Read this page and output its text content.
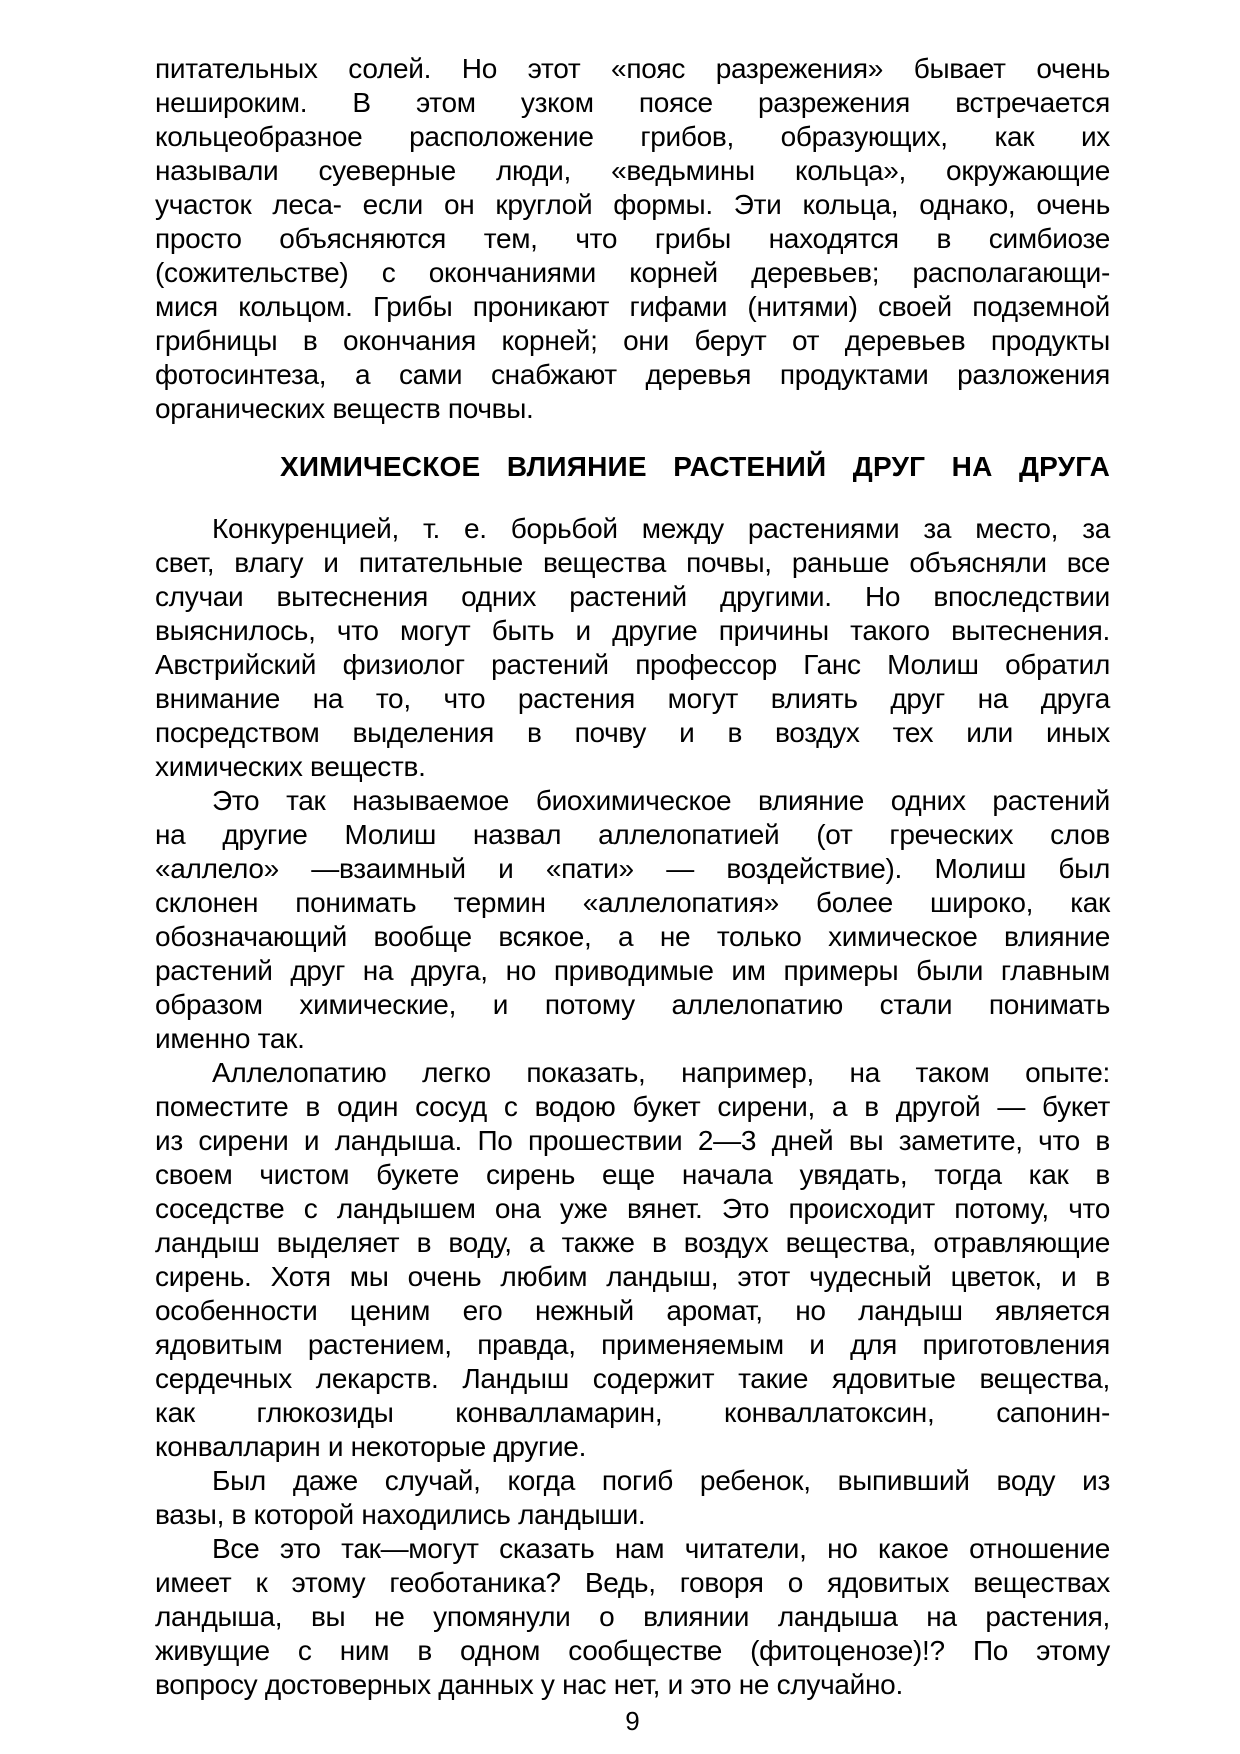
питательных солей. Но этот «пояс разрежения» бывает очень
нешироким. В этом узком поясе разрежения встречается
кольцеобразное расположение грибов, образующих, как их
называли суеверные люди, «ведьмины кольца», окружающие
участок леса- если он круглой формы. Эти кольца, однако, очень
просто объясняются тем, что грибы находятся в симбиозе
(сожительстве) с окончаниями корней деревьев; располагающи-
мися кольцом. Грибы проникают гифами (нитями) своей подземной
грибницы в окончания корней; они берут от деревьев продукты
фотосинтеза, а сами снабжают деревья продуктами разложения
органических веществ почвы.
ХИМИЧЕСКОЕ ВЛИЯНИЕ РАСТЕНИЙ ДРУГ НА ДРУГА
Конкуренцией, т. е. борьбой между растениями за место, за
свет, влагу и питательные вещества почвы, раньше объясняли все
случаи вытеснения одних растений другими. Но впоследствии
выяснилось, что могут быть и другие причины такого вытеснения.
Австрийский физиолог растений профессор Ганс Молиш обратил
внимание на то, что растения могут влиять друг на друга
посредством выделения в почву и в воздух тех или иных
химических веществ.
Это так называемое биохимическое влияние одних растений
на другие Молиш назвал аллелопатией (от греческих слов
«аллело» —взаимный и «пати» — воздействие). Молиш был
склонен понимать термин «аллелопатия» более широко, как
обозначающий вообще всякое, а не только химическое влияние
растений друг на друга, но приводимые им примеры были главным
образом химические, и потому аллелопатию стали понимать
именно так.
Аллелопатию легко показать, например, на таком опыте:
поместите в один сосуд с водою букет сирени, а в другой — букет
из сирени и ландыша. По прошествии 2—3 дней вы заметите, что в
своем чистом букете сирень еще начала увядать, тогда как в
соседстве с ландышем она уже вянет. Это происходит потому, что
ландыш выделяет в воду, а также в воздух вещества, отравляющие
сирень. Хотя мы очень любим ландыш, этот чудесный цветок, и в
особенности ценим его нежный аромат, но ландыш является
ядовитым растением, правда, применяемым и для приготовления
сердечных лекарств. Ландыш содержит такие ядовитые вещества,
как глюкозиды конвалламарин, конваллатоксин, сапонин-
конвалларин и некоторые другие.
Был даже случай, когда погиб ребенок, выпивший воду из
вазы, в которой находились ландыши.
Все это так—могут сказать нам читатели, но какое отношение
имеет к этому геоботаника? Ведь, говоря о ядовитых веществах
ландыша, вы не упомянули о влиянии ландыша на растения,
живущие с ним в одном сообществе (фитоценозе)!? По этому
вопросу достоверных данных у нас нет, и это не случайно.
9
